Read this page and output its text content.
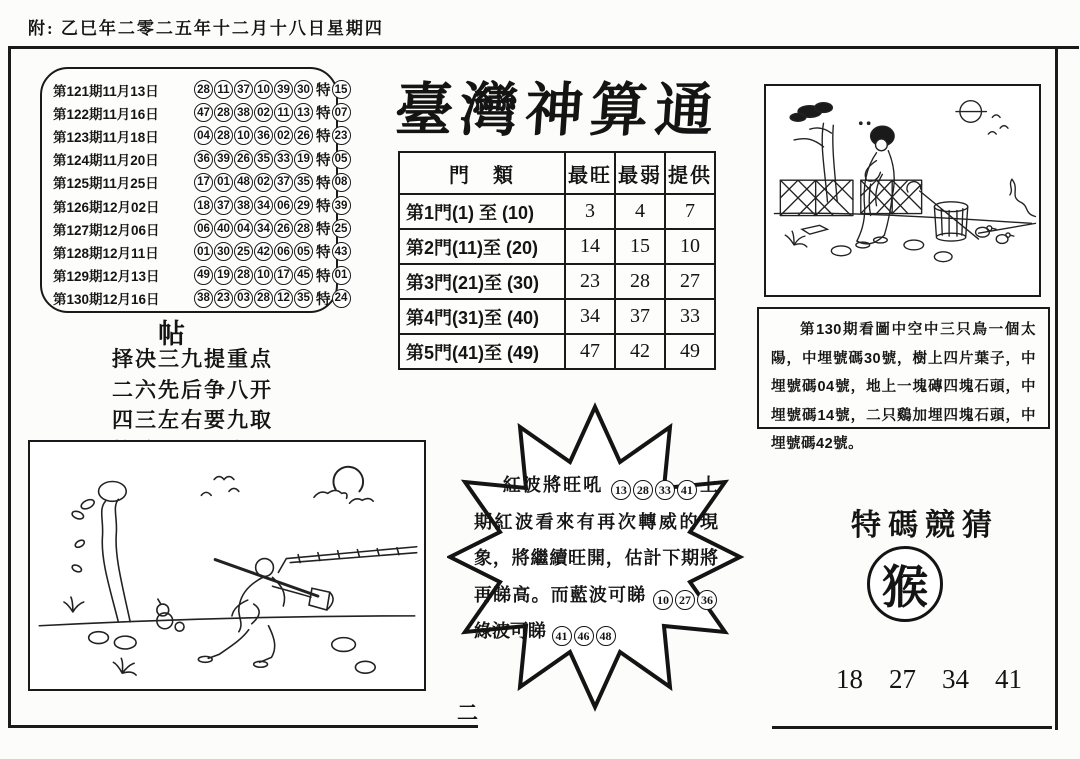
附: 乙巳年二零二五年十二月十八日星期四
第121期11月13日	28 11 37 10 39 30 特 15
第122期11月16日	47 28 38 02 11 13 特 07
第123期11月18日	04 28 10 36 02 26 特 23
第124期11月20日	36 39 26 35 33 19 特 05
第125期11月25日	17 01 48 02 37 35 特 08
第126期12月02日	18 37 38 34 06 29 特 39
第127期12月06日	06 40 04 34 26 28 特 25
第128期12月11日	01 30 25 42 06 05 特 43
第129期12月13日	49 19 28 10 17 45 特 01
第130期12月16日	38 23 03 28 12 35 特 24
帖
择决三九提重点
二六先后争八开
四三左右要九取
臺灣神算通
門　類	最旺	最弱	提供
第1門(1) 至 (10)	3	4	7
第2門(11)至 (20)	14	15	10
第3門(21)至 (30)	23	28	27
第4門(31)至 (40)	34	37	33
第5門(41)至 (49)	47	42	49
紅波將旺吼 13 28 33 41 上期紅波看來有再次轉威的現象，將繼續旺開，估計下期將再睇高。而藍波可睇 10 27 36綠波可睇 41 46 48
第130期看圖中空中三只鳥一個太陽，中埋號碼30號，樹上四片葉子，中埋號碼04號，地上一塊磚四塊石頭，中埋號碼14號，二只鷄加埋四塊石頭，中埋號碼42號。
特碼競猜
猴
18 27 34 41
二
